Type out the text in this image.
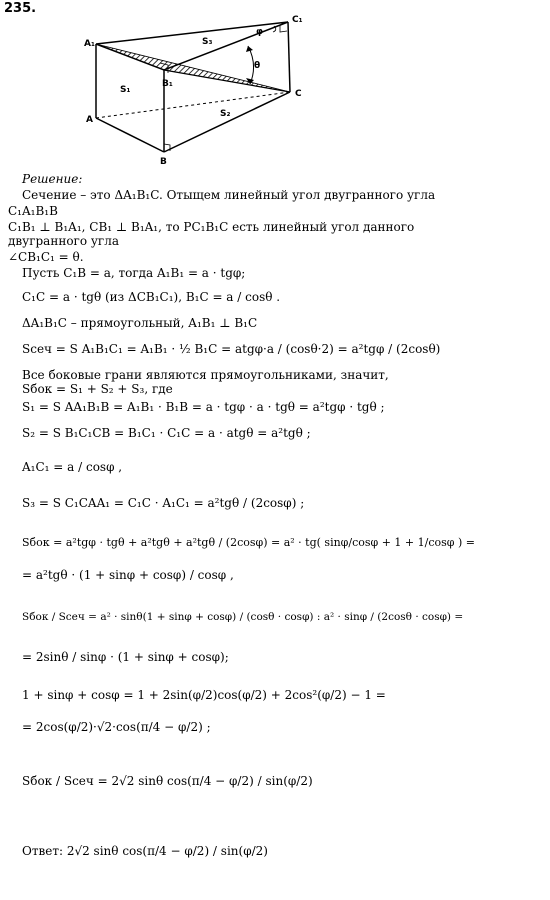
235.
A₁
B₁
C₁
A
B
C
S₁
S₂
S₃
φ
θ
Решение:
Сечение – это ΔA₁B₁C. Отыщем линейный угол двугранного угла
C₁A₁B₁B
C₁B₁ ⊥ B₁A₁, CB₁ ⊥ B₁A₁, то PC₁B₁C есть линейный угол данного
двугранного угла
∠CB₁C₁ = θ.
Пусть C₁B = a, тогда A₁B₁ = a · tgφ;
C₁C = a · tgθ (из ΔCB₁C₁), B₁C = a / cosθ .
ΔA₁B₁C – прямоугольный, A₁B₁ ⊥ B₁C
Sсеч = S A₁B₁C₁ = A₁B₁ · ½ B₁C = atgφ·a / (cosθ·2) = a²tgφ / (2cosθ)
Все боковые грани являются прямоугольниками, значит,
Sбок = S₁ + S₂ + S₃, где
S₁ = S AA₁B₁B = A₁B₁ · B₁B = a · tgφ · a · tgθ = a²tgφ · tgθ ;
S₂ = S B₁C₁CB = B₁C₁ · C₁C = a · atgθ = a²tgθ ;
A₁C₁ = a / cosφ ,
S₃ = S C₁CAA₁ = C₁C · A₁C₁ = a²tgθ / (2cosφ) ;
Sбок = a²tgφ · tgθ + a²tgθ + a²tgθ / (2cosφ) = a² · tg( sinφ/cosφ + 1 + 1/cosφ ) =
= a²tgθ · (1 + sinφ + cosφ) / cosφ ,
Sбок / Sсеч = a² · sinθ(1 + sinφ + cosφ) / (cosθ · cosφ) : a² · sinφ / (2cosθ · cosφ) =
= 2sinθ / sinφ · (1 + sinφ + cosφ);
1 + sinφ + cosφ = 1 + 2sin(φ/2)cos(φ/2) + 2cos²(φ/2) − 1 =
= 2cos(φ/2)·√2·cos(π/4 − φ/2) ;
Sбок / Sсеч = 2√2 sinθ cos(π/4 − φ/2) / sin(φ/2)
Ответ: 2√2 sinθ cos(π/4 − φ/2) / sin(φ/2)
